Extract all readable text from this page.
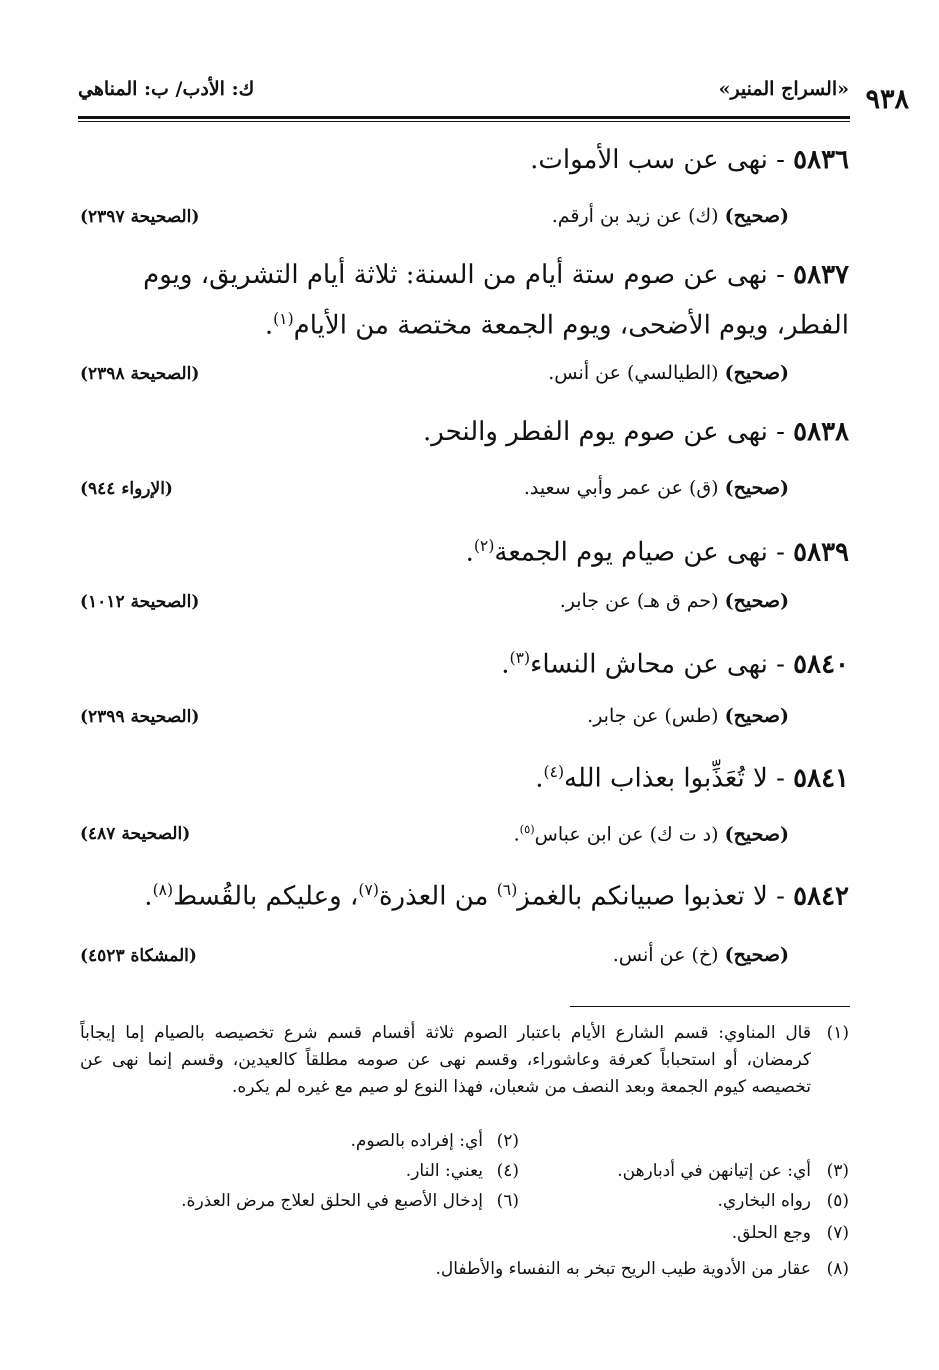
٩٣٨
«السراج المنير»
ك: الأدب/ ب: المناهي
٥٨٣٦ - نهى عن سب الأموات.
(صحيح) (ك) عن زيد بن أرقم.
(الصحيحة ٢٣٩٧)
٥٨٣٧ - نهى عن صوم ستة أيام من السنة: ثلاثة أيام التشريق، ويوم الفطر، ويوم الأضحى، ويوم الجمعة مختصة من الأيام$^{(١)}$.
(صحيح) (الطيالسي) عن أنس.
(الصحيحة ٢٣٩٨)
٥٨٣٨ - نهى عن صوم يوم الفطر والنحر.
(صحيح) (ق) عن عمر وأبي سعيد.
(الإرواء ٩٤٤)
٥٨٣٩ - نهى عن صيام يوم الجمعة$^{(٢)}$.
(صحيح) (حم ق هـ) عن جابر.
(الصحيحة ١٠١٢)
٥٨٤٠ - نهى عن محاش النساء$^{(٣)}$.
(صحيح) (طس) عن جابر.
(الصحيحة ٢٣٩٩)
٥٨٤١ - لا تُعَذِّبوا بعذاب الله$^{(٤)}$.
(صحيح) (د ت ك) عن ابن عباس$^{(٥)}$.
(الصحيحة ٤٨٧)
٥٨٤٢ - لا تعذبوا صبيانكم بالغمز$^{(٦)}$ من العذرة$^{(٧)}$، وعليكم بالقُسط$^{(٨)}$.
(صحيح) (خ) عن أنس.
(المشكاة ٤٥٢٣)
(١)
قال المناوي: قسم الشارع الأيام باعتبار الصوم ثلاثة أقسام قسم شرع تخصيصه بالصيام إما إيجاباً كرمضان، أو استحباباً كعرفة وعاشوراء، وقسم نهى عن صومه مطلقاً كالعيدين، وقسم إنما نهى عن تخصيصه كيوم الجمعة وبعد النصف من شعبان، فهذا النوع لو صيم مع غيره لم يكره.
(٢)
أي: إفراده بالصوم.
(٣)
أي: عن إتيانهن في أدبارهن.
(٤)
يعني: النار.
(٥)
رواه البخاري.
(٦)
إدخال الأصبع في الحلق لعلاج مرض العذرة.
(٧)
وجع الحلق.
(٨)
عقار من الأدوية طيب الريح تبخر به النفساء والأطفال.
